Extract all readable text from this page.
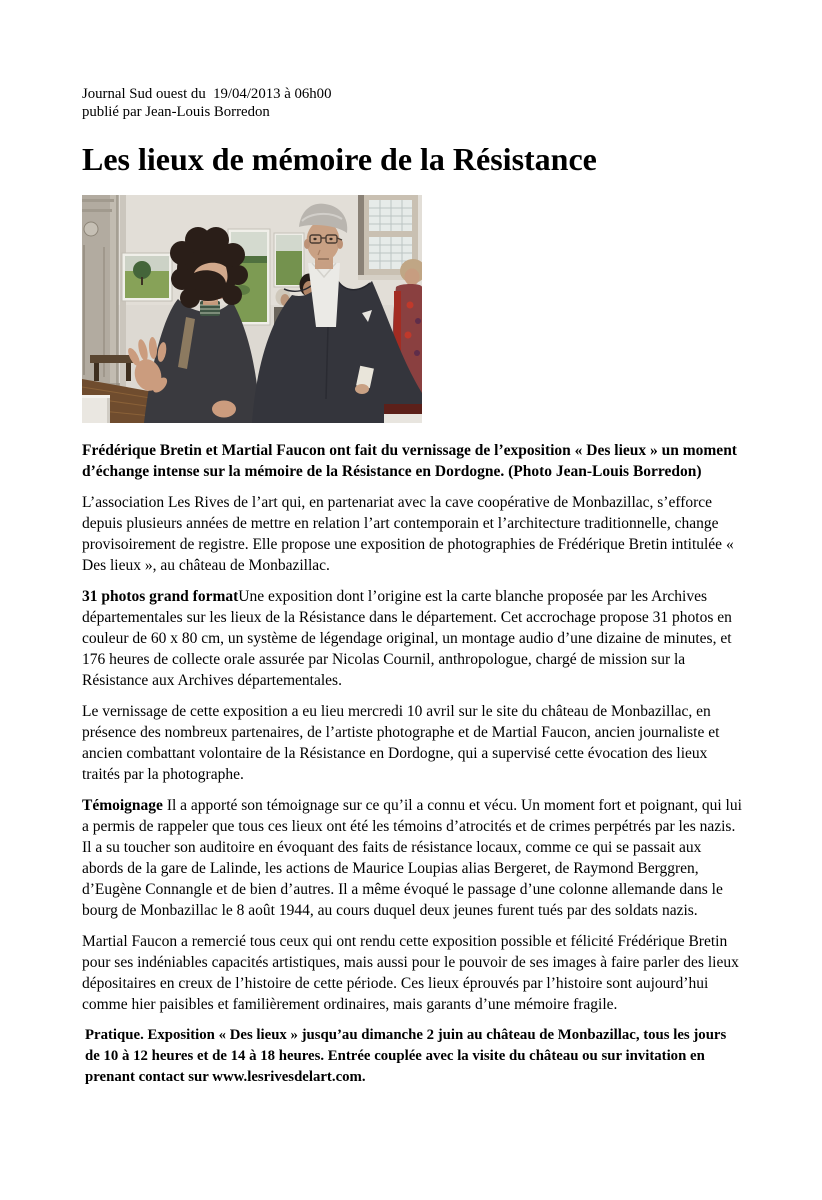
Journal Sud ouest du  19/04/2013 à 06h00
publié par Jean-Louis Borredon
Les lieux de mémoire de la Résistance

Frédérique Bretin et Martial Faucon ont fait du vernissage de l’exposition « Des lieux » un moment d’échange intense sur la mémoire de la Résistance en Dordogne. (Photo Jean-Louis Borredon)

L’association Les Rives de l’art qui, en partenariat avec la cave coopérative de Monbazillac, s’efforce depuis plusieurs années de mettre en relation l’art contemporain et l’architecture traditionnelle, change provisoirement de registre. Elle propose une exposition de photographies de Frédérique Bretin intitulée « Des lieux », au château de Monbazillac.

31 photos grand formatUne exposition dont l’origine est la carte blanche proposée par les Archives départementales sur les lieux de la Résistance dans le département. Cet accrochage propose 31 photos en couleur de 60 x 80 cm, un système de légendage original, un montage audio d’une dizaine de minutes, et 176 heures de collecte orale assurée par Nicolas Cournil, anthropologue, chargé de mission sur la Résistance aux Archives départementales.

Le vernissage de cette exposition a eu lieu mercredi 10 avril sur le site du château de Monbazillac, en présence des nombreux partenaires, de l’artiste photographe et de Martial Faucon, ancien journaliste et ancien combattant volontaire de la Résistance en Dordogne, qui a supervisé cette évocation des lieux traités par la photographe.

Témoignage Il a apporté son témoignage sur ce qu’il a connu et vécu. Un moment fort et poignant, qui lui a permis de rappeler que tous ces lieux ont été les témoins d’atrocités et de crimes perpétrés par les nazis. Il a su toucher son auditoire en évoquant des faits de résistance locaux, comme ce qui se passait aux abords de la gare de Lalinde, les actions de Maurice Loupias alias Bergeret, de Raymond Berggren, d’Eugène Connangle et de bien d’autres. Il a même évoqué le passage d’une colonne allemande dans le bourg de Monbazillac le 8 août 1944, au cours duquel deux jeunes furent tués par des soldats nazis.

Martial Faucon a remercié tous ceux qui ont rendu cette exposition possible et félicité Frédérique Bretin pour ses indéniables capacités artistiques, mais aussi pour le pouvoir de ses images à faire parler des lieux dépositaires en creux de l’histoire de cette période. Ces lieux éprouvés par l’histoire sont aujourd’hui comme hier paisibles et familièrement ordinaires, mais garants d’une mémoire fragile.

Pratique. Exposition « Des lieux » jusqu’au dimanche 2 juin au château de Monbazillac, tous les jours de 10 à 12 heures et de 14 à 18 heures. Entrée couplée avec la visite du château ou sur invitation en prenant contact sur www.lesrivesdelart.com.
